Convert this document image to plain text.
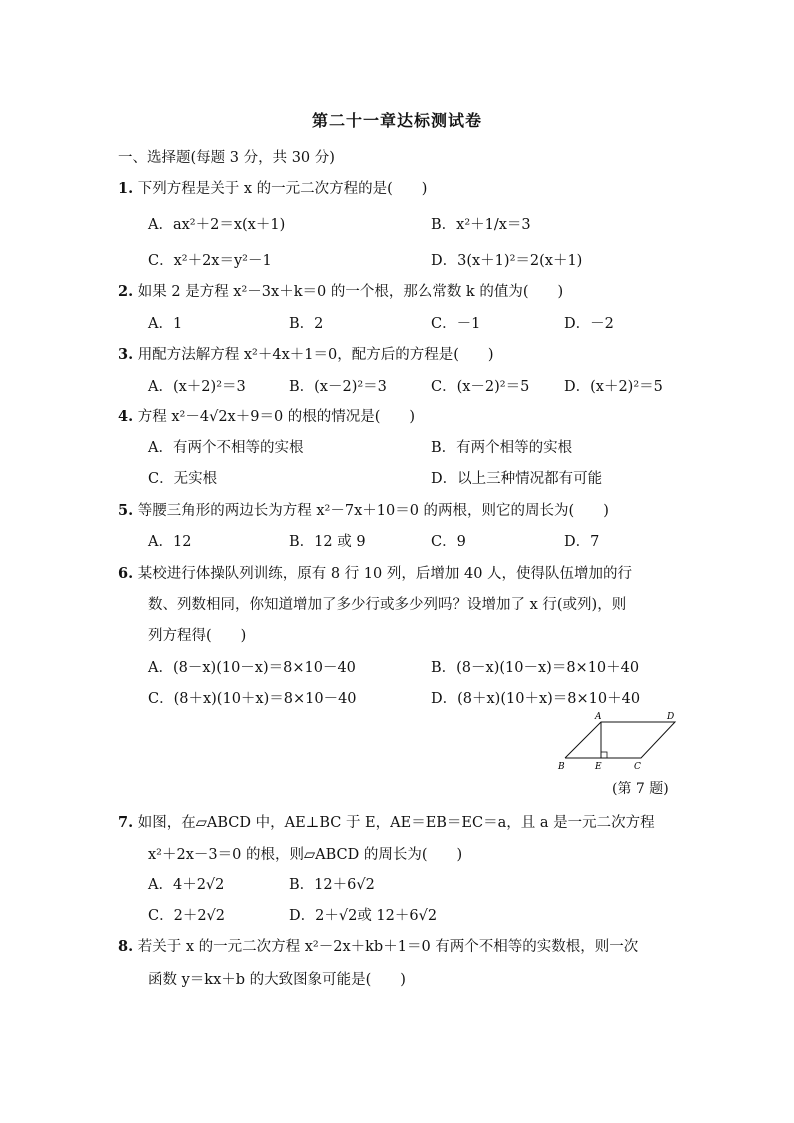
第二十一章达标测试卷
一、选择题(每题 3 分，共 30 分)
1. 下列方程是关于 x 的一元二次方程的是(　　)
A．ax²＋2＝x(x＋1)	B．x²＋1/x＝3
C．x²＋2x＝y²－1	D．3(x＋1)²＝2(x＋1)
2. 如果 2 是方程 x²－3x＋k＝0 的一个根，那么常数 k 的值为(　　)
A．1	B．2	C．－1	D．－2
3. 用配方法解方程 x²＋4x＋1＝0，配方后的方程是(　　)
A．(x＋2)²＝3	B．(x－2)²＝3	C．(x－2)²＝5 D．(x＋2)²＝5
4. 方程 x²－4√2x＋9＝0 的根的情况是(　　)
A．有两个不相等的实根	B．有两个相等的实根
C．无实根	D．以上三种情况都有可能
5. 等腰三角形的两边长为方程 x²－7x＋10＝0 的两根，则它的周长为(　　)
A．12	B．12 或 9	C．9	D．7
6. 某校进行体操队列训练，原有 8 行 10 列，后增加 40 人，使得队伍增加的行
数、列数相同，你知道增加了多少行或多少列吗？设增加了 x 行(或列)，则
列方程得(　　)
A．(8－x)(10－x)＝8×10－40	B．(8－x)(10－x)＝8×10＋40
C．(8＋x)(10＋x)＝8×10－40	D．(8＋x)(10＋x)＝8×10＋40
A	D
B	E	C
(第 7 题)
7. 如图，在▱ABCD 中，AE⊥BC 于 E，AE＝EB＝EC＝a，且 a 是一元二次方程
x²＋2x－3＝0 的根，则▱ABCD 的周长为(　　)
A．4＋2√2	B．12＋6√2
C．2＋2√2	D．2＋√2或 12＋6√2
8. 若关于 x 的一元二次方程 x²－2x＋kb＋1＝0 有两个不相等的实数根，则一次
函数 y＝kx＋b 的大致图象可能是(　　)
